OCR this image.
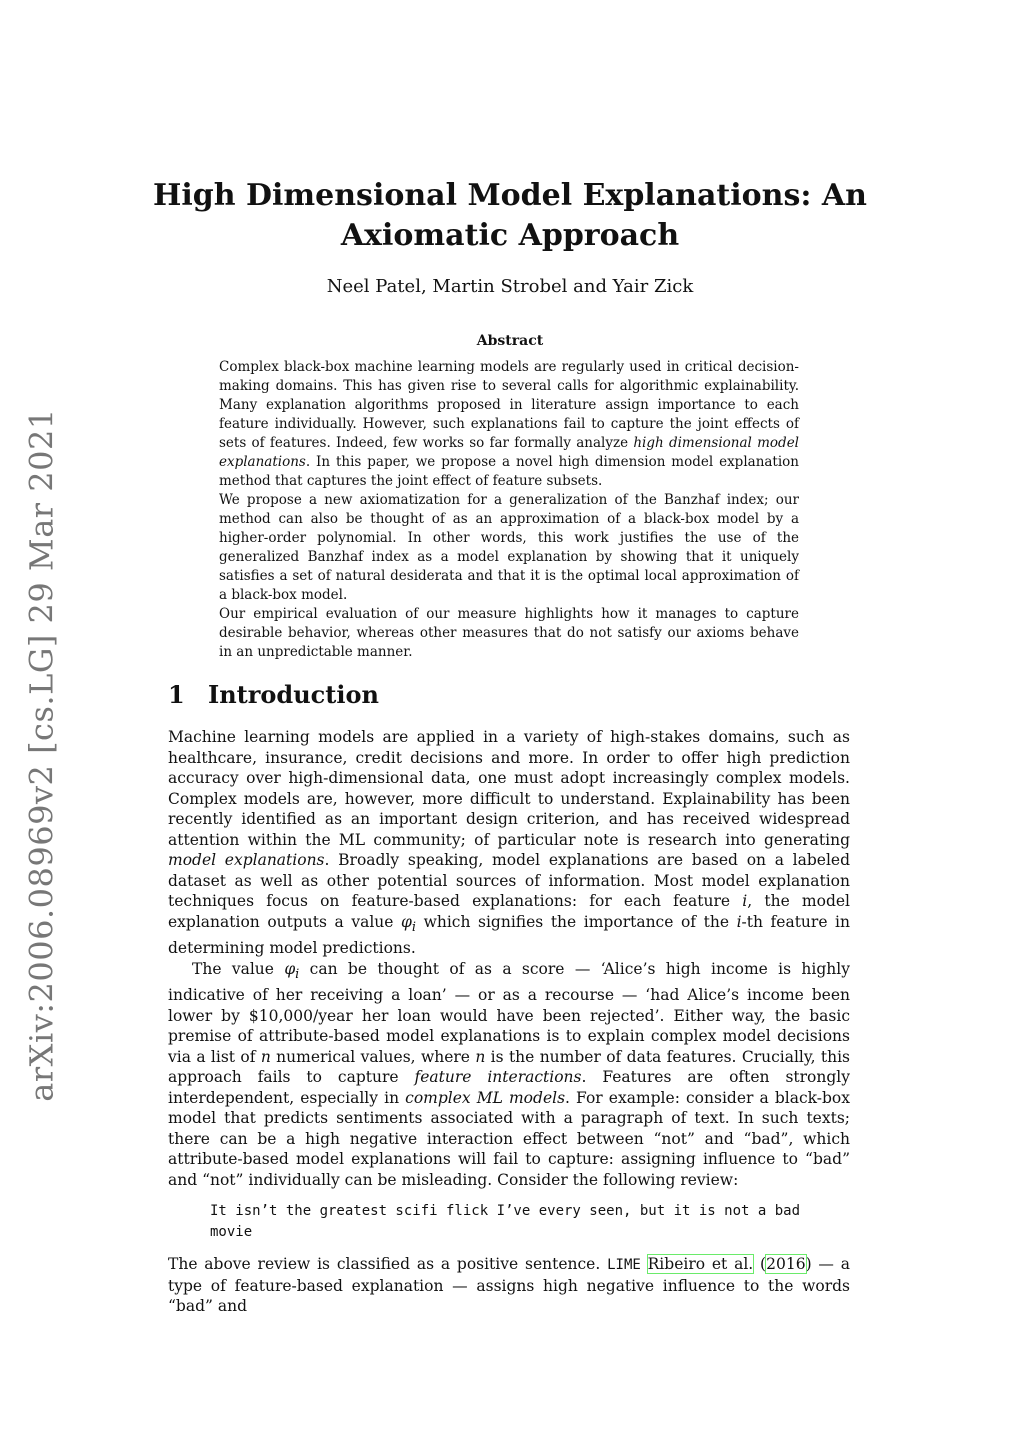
arXiv:2006.08969v2 [cs.LG] 29 Mar 2021
High Dimensional Model Explanations: An
Axiomatic Approach
Neel Patel, Martin Strobel and Yair Zick
Abstract

Complex black-box machine learning models are regularly used in critical decision-making domains. This has given rise to several calls for algorithmic explainability. Many explanation algorithms proposed in literature assign importance to each feature individually. However, such explanations fail to capture the joint effects of sets of features. Indeed, few works so far formally analyze high dimensional model explanations. In this paper, we propose a novel high dimension model explanation method that captures the joint effect of feature subsets.

We propose a new axiomatization for a generalization of the Banzhaf index; our method can also be thought of as an approximation of a black-box model by a higher-order polynomial. In other words, this work justifies the use of the generalized Banzhaf index as a model explanation by showing that it uniquely satisfies a set of natural desiderata and that it is the optimal local approximation of a black-box model.

Our empirical evaluation of our measure highlights how it manages to capture desirable behavior, whereas other measures that do not satisfy our axioms behave in an unpredictable manner.

1 Introduction

Machine learning models are applied in a variety of high-stakes domains, such as healthcare, insurance, credit decisions and more. In order to offer high prediction accuracy over high-dimensional data, one must adopt increasingly complex models. Complex models are, however, more difficult to understand. Explainability has been recently identified as an important design criterion, and has received widespread attention within the ML community; of particular note is research into generating model explanations. Broadly speaking, model explanations are based on a labeled dataset as well as other potential sources of information. Most model explanation techniques focus on feature-based explanations: for each feature i, the model explanation outputs a value $\varphi_i$ which signifies the importance of the i-th feature in determining model predictions.

The value $\varphi_i$ can be thought of as a score — ‘Alice’s high income is highly indicative of her receiving a loan’ — or as a recourse — ‘had Alice’s income been lower by $10,000/year her loan would have been rejected’. Either way, the basic premise of attribute-based model explanations is to explain complex model decisions via a list of n numerical values, where n is the number of data features. Crucially, this approach fails to capture feature interactions. Features are often strongly interdependent, especially in complex ML models. For example: consider a black-box model that predicts sentiments associated with a paragraph of text. In such texts; there can be a high negative interaction effect between “not” and “bad”, which attribute-based model explanations will fail to capture: assigning influence to “bad” and “not” individually can be misleading. Consider the following review:

It isn’t the greatest scifi flick I’ve every seen, but it is not a bad movie

The above review is classified as a positive sentence. LIME Ribeiro et al. (2016) — a type of feature-based explanation — assigns high negative influence to the words “bad” and
